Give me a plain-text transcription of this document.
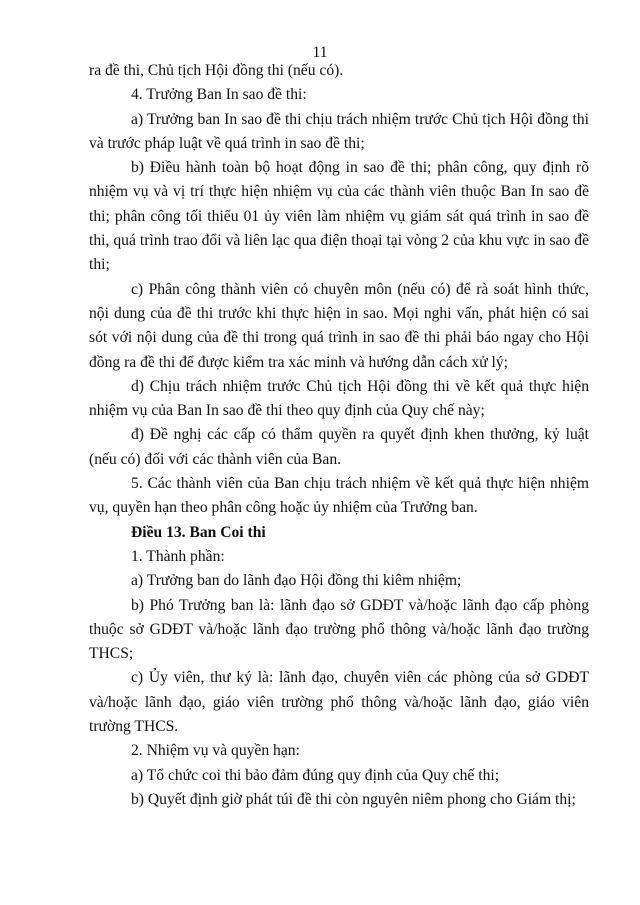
11

ra đề thi, Chủ tịch Hội đồng thi (nếu có).

4. Trưởng Ban In sao đề thi:

a) Trưởng ban In sao đề thi chịu trách nhiệm trước Chủ tịch Hội đồng thi và trước pháp luật về quá trình in sao đề thi;

b) Điều hành toàn bộ hoạt động in sao đề thi; phân công, quy định rõ nhiệm vụ và vị trí thực hiện nhiệm vụ của các thành viên thuộc Ban In sao đề thi; phân công tối thiểu 01 ủy viên làm nhiệm vụ giám sát quá trình in sao đề thi, quá trình trao đổi và liên lạc qua điện thoại tại vòng 2 của khu vực in sao đề thi;

c) Phân công thành viên có chuyên môn (nếu có) để rà soát hình thức, nội dung của đề thi trước khi thực hiện in sao. Mọi nghi vấn, phát hiện có sai sót với nội dung của đề thi trong quá trình in sao đề thi phải báo ngay cho Hội đồng ra đề thi để được kiểm tra xác minh và hướng dẫn cách xử lý;

d) Chịu trách nhiệm trước Chủ tịch Hội đồng thi về kết quả thực hiện nhiệm vụ của Ban In sao đề thi theo quy định của Quy chế này;

đ) Đề nghị các cấp có thẩm quyền ra quyết định khen thưởng, kỷ luật (nếu có) đối với các thành viên của Ban.

5. Các thành viên của Ban chịu trách nhiệm về kết quả thực hiện nhiệm vụ, quyền hạn theo phân công hoặc ủy nhiệm của Trưởng ban.

Điều 13. Ban Coi thi

1. Thành phần:

a) Trưởng ban do lãnh đạo Hội đồng thi kiêm nhiệm;

b) Phó Trưởng ban là: lãnh đạo sở GDĐT và/hoặc lãnh đạo cấp phòng thuộc sở GDĐT và/hoặc lãnh đạo trường phổ thông và/hoặc lãnh đạo trường THCS;

c) Ủy viên, thư ký là: lãnh đạo, chuyên viên các phòng của sở GDĐT và/hoặc lãnh đạo, giáo viên trường phổ thông và/hoặc lãnh đạo, giáo viên trường THCS.

2. Nhiệm vụ và quyền hạn:

a) Tổ chức coi thi bảo đảm đúng quy định của Quy chế thi;

b) Quyết định giờ phát túi đề thi còn nguyên niêm phong cho Giám thị;
